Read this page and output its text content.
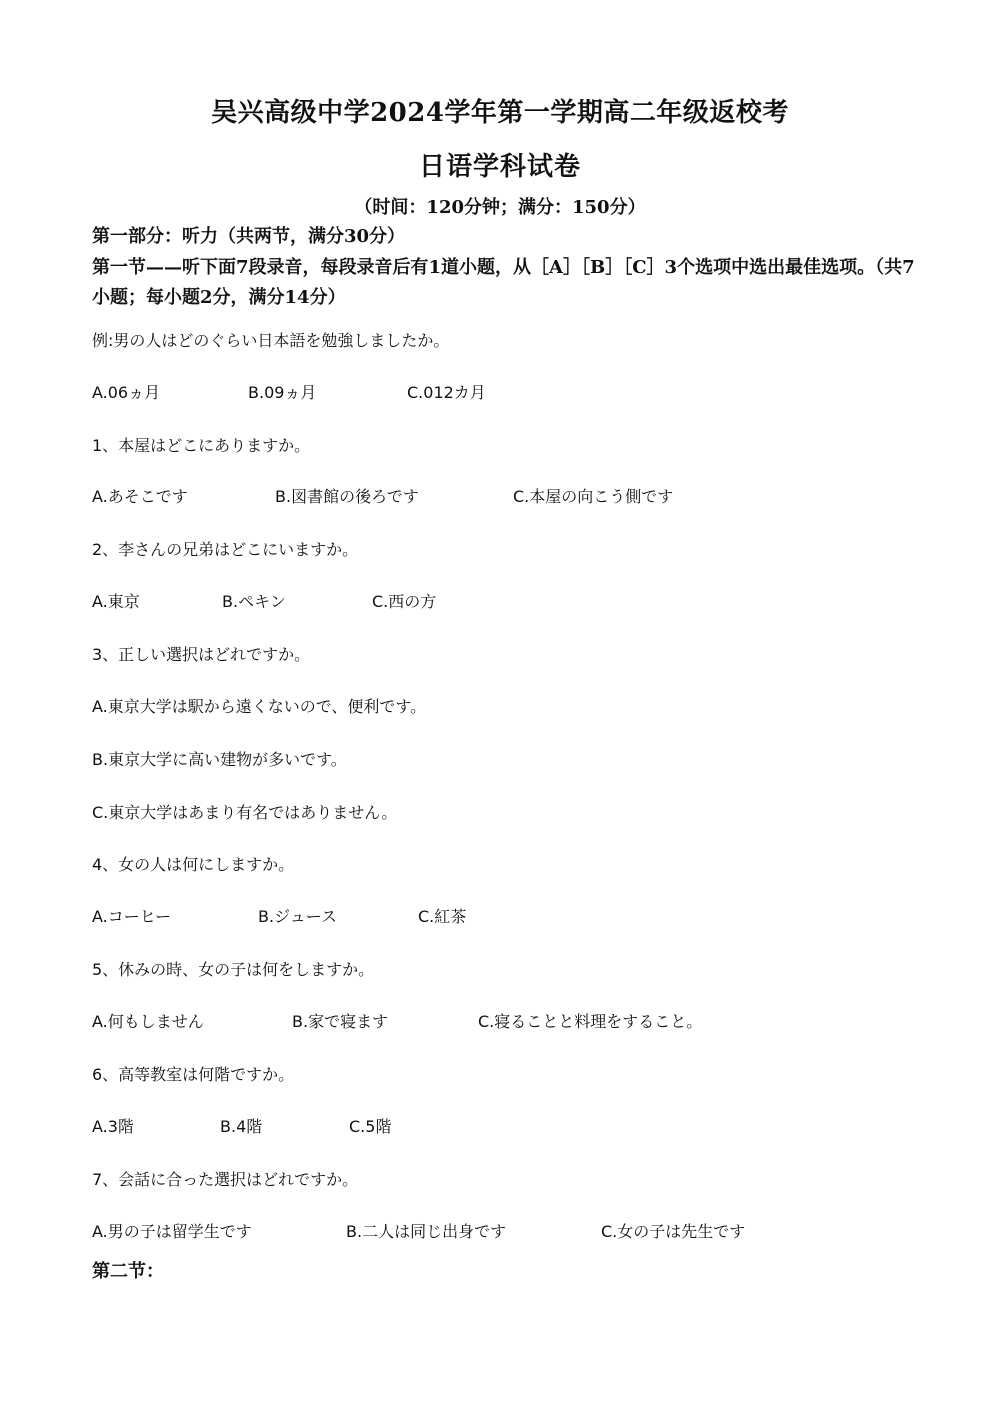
吴兴高级中学2024学年第一学期高二年级返校考
日语学科试卷
（时间：120分钟；满分：150分）
第一部分：听力（共两节，满分30分）
第一节——听下面7段录音，每段录音后有1道小题，从［A］［B］［C］3个选项中选出最佳选项。（共7小题；每小题2分，满分14分）
例:男の人はどのぐらい日本語を勉強しましたか。
A.06ヵ月	B.09ヵ月	C.012カ月
1、本屋はどこにありますか。
A.あそこです	B.図書館の後ろです	C.本屋の向こう側です
2、李さんの兄弟はどこにいますか。
A.東京	B.ペキン	C.西の方
3、正しい選択はどれですか。
A.東京大学は駅から遠くないので、便利です。
B.東京大学に高い建物が多いです。
C.東京大学はあまり有名ではありません。
4、女の人は何にしますか。
A.コーヒー	B.ジュース	C.紅茶
5、休みの時、女の子は何をしますか。
A.何もしません	B.家で寝ます	C.寝ることと料理をすること。
6、高等教室は何階ですか。
A.3階	B.4階	C.5階
7、会話に合った選択はどれですか。
A.男の子は留学生です	B.二人は同じ出身です	C.女の子は先生です
第二节：
